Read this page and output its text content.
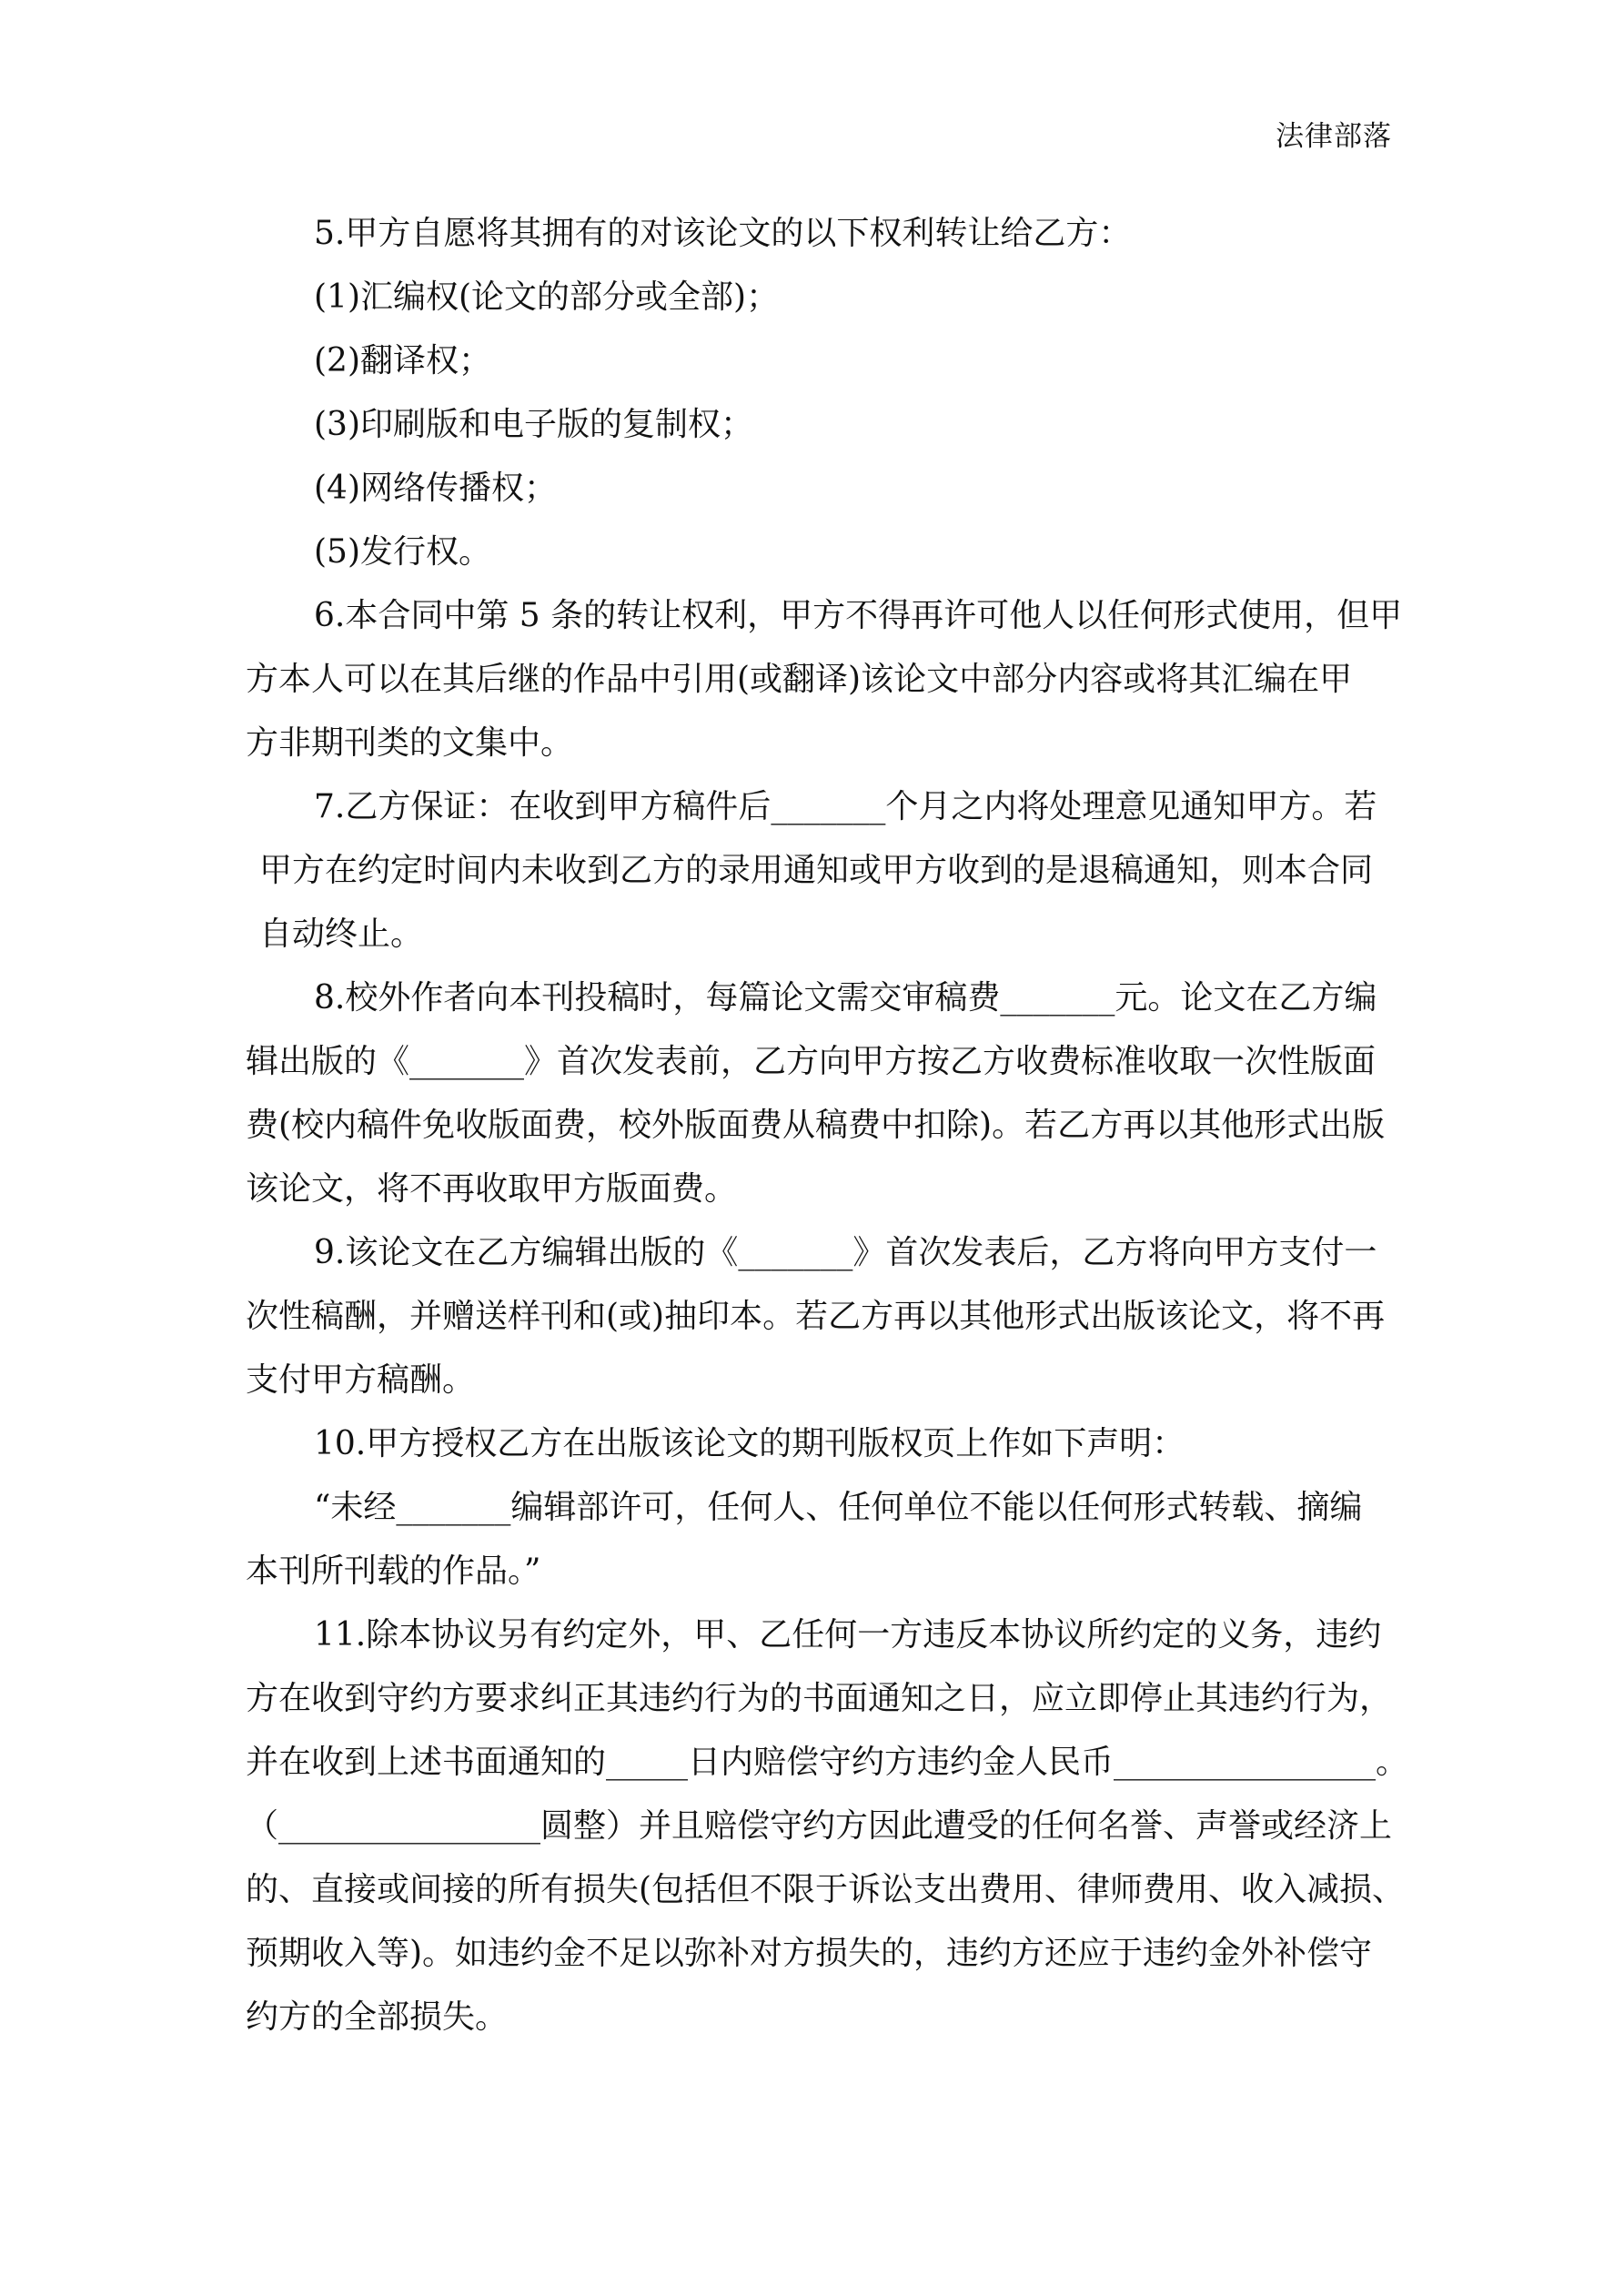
法律部落

5.甲方自愿将其拥有的对该论文的以下权利转让给乙方：

(1)汇编权(论文的部分或全部)；

(2)翻译权；

(3)印刷版和电子版的复制权；

(4)网络传播权；

(5)发行权。

6.本合同中第 5 条的转让权利，甲方不得再许可他人以任何形式使用，但甲

方本人可以在其后继的作品中引用(或翻译)该论文中部分内容或将其汇编在甲

方非期刊类的文集中。

7.乙方保证：在收到甲方稿件后_______个月之内将处理意见通知甲方。若

甲方在约定时间内未收到乙方的录用通知或甲方收到的是退稿通知，则本合同

自动终止。

8.校外作者向本刊投稿时，每篇论文需交审稿费_______元。论文在乙方编

辑出版的《_______》首次发表前，乙方向甲方按乙方收费标准收取一次性版面

费(校内稿件免收版面费，校外版面费从稿费中扣除)。若乙方再以其他形式出版

该论文，将不再收取甲方版面费。

9.该论文在乙方编辑出版的《_______》首次发表后，乙方将向甲方支付一

次性稿酬，并赠送样刊和(或)抽印本。若乙方再以其他形式出版该论文，将不再

支付甲方稿酬。

10.甲方授权乙方在出版该论文的期刊版权页上作如下声明：

“未经_______编辑部许可，任何人、任何单位不能以任何形式转载、摘编

本刊所刊载的作品。”

11.除本协议另有约定外，甲、乙任何一方违反本协议所约定的义务，违约

方在收到守约方要求纠正其违约行为的书面通知之日，应立即停止其违约行为，

并在收到上述书面通知的_____日内赔偿守约方违约金人民币________________。

（________________圆整）并且赔偿守约方因此遭受的任何名誉、声誉或经济上

的、直接或间接的所有损失(包括但不限于诉讼支出费用、律师费用、收入减损、

预期收入等)。如违约金不足以弥补对方损失的，违约方还应于违约金外补偿守

约方的全部损失。
